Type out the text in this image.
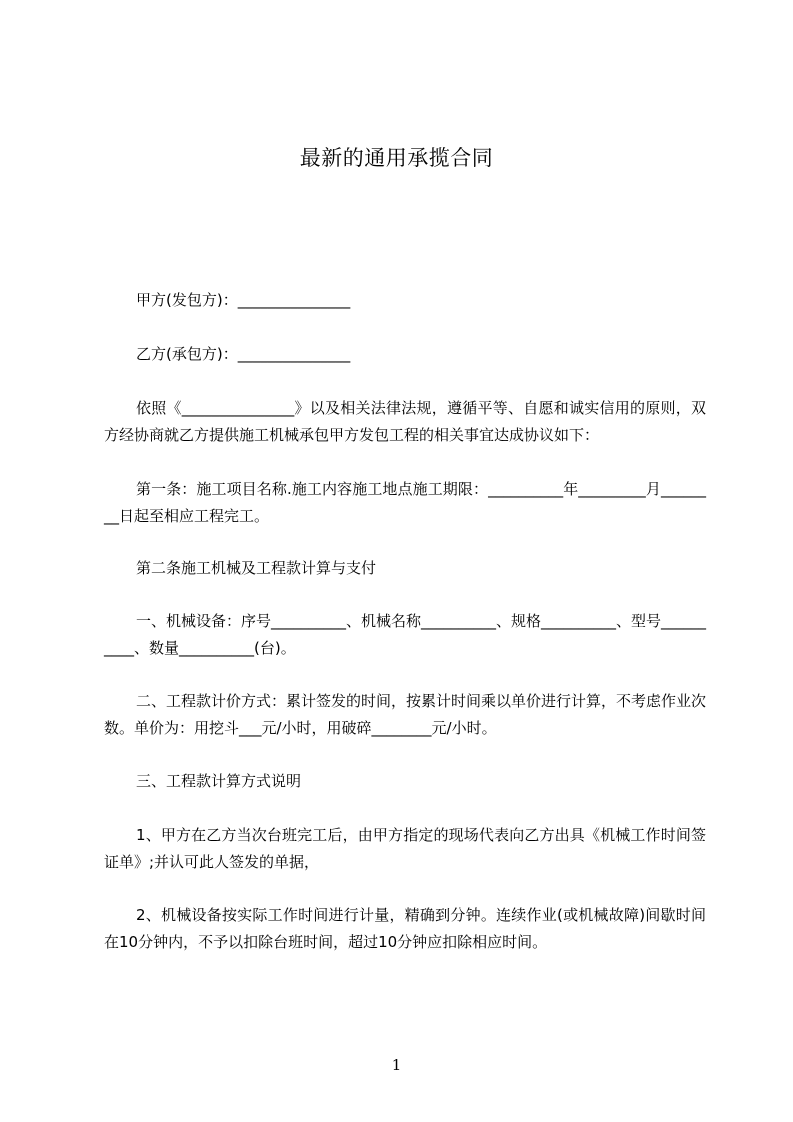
最新的通用承揽合同
甲方(发包方)：_______________
乙方(承包方)：_______________
依照《_______________》以及相关法律法规，遵循平等、自愿和诚实信用的原则，双方经协商就乙方提供施工机械承包甲方发包工程的相关事宜达成协议如下：
第一条：施工项目名称.施工内容施工地点施工期限：__________年_________月________日起至相应工程完工。
第二条施工机械及工程款计算与支付
一、机械设备：序号__________、机械名称__________、规格__________、型号__________、数量__________(台)。
二、工程款计价方式：累计签发的时间，按累计时间乘以单价进行计算，不考虑作业次数。单价为：用挖斗___元/小时，用破碎________元/小时。
三、工程款计算方式说明
1、甲方在乙方当次台班完工后，由甲方指定的现场代表向乙方出具《机械工作时间签证单》;并认可此人签发的单据，
2、机械设备按实际工作时间进行计量，精确到分钟。连续作业(或机械故障)间歇时间在10分钟内，不予以扣除台班时间，超过10分钟应扣除相应时间。
1
